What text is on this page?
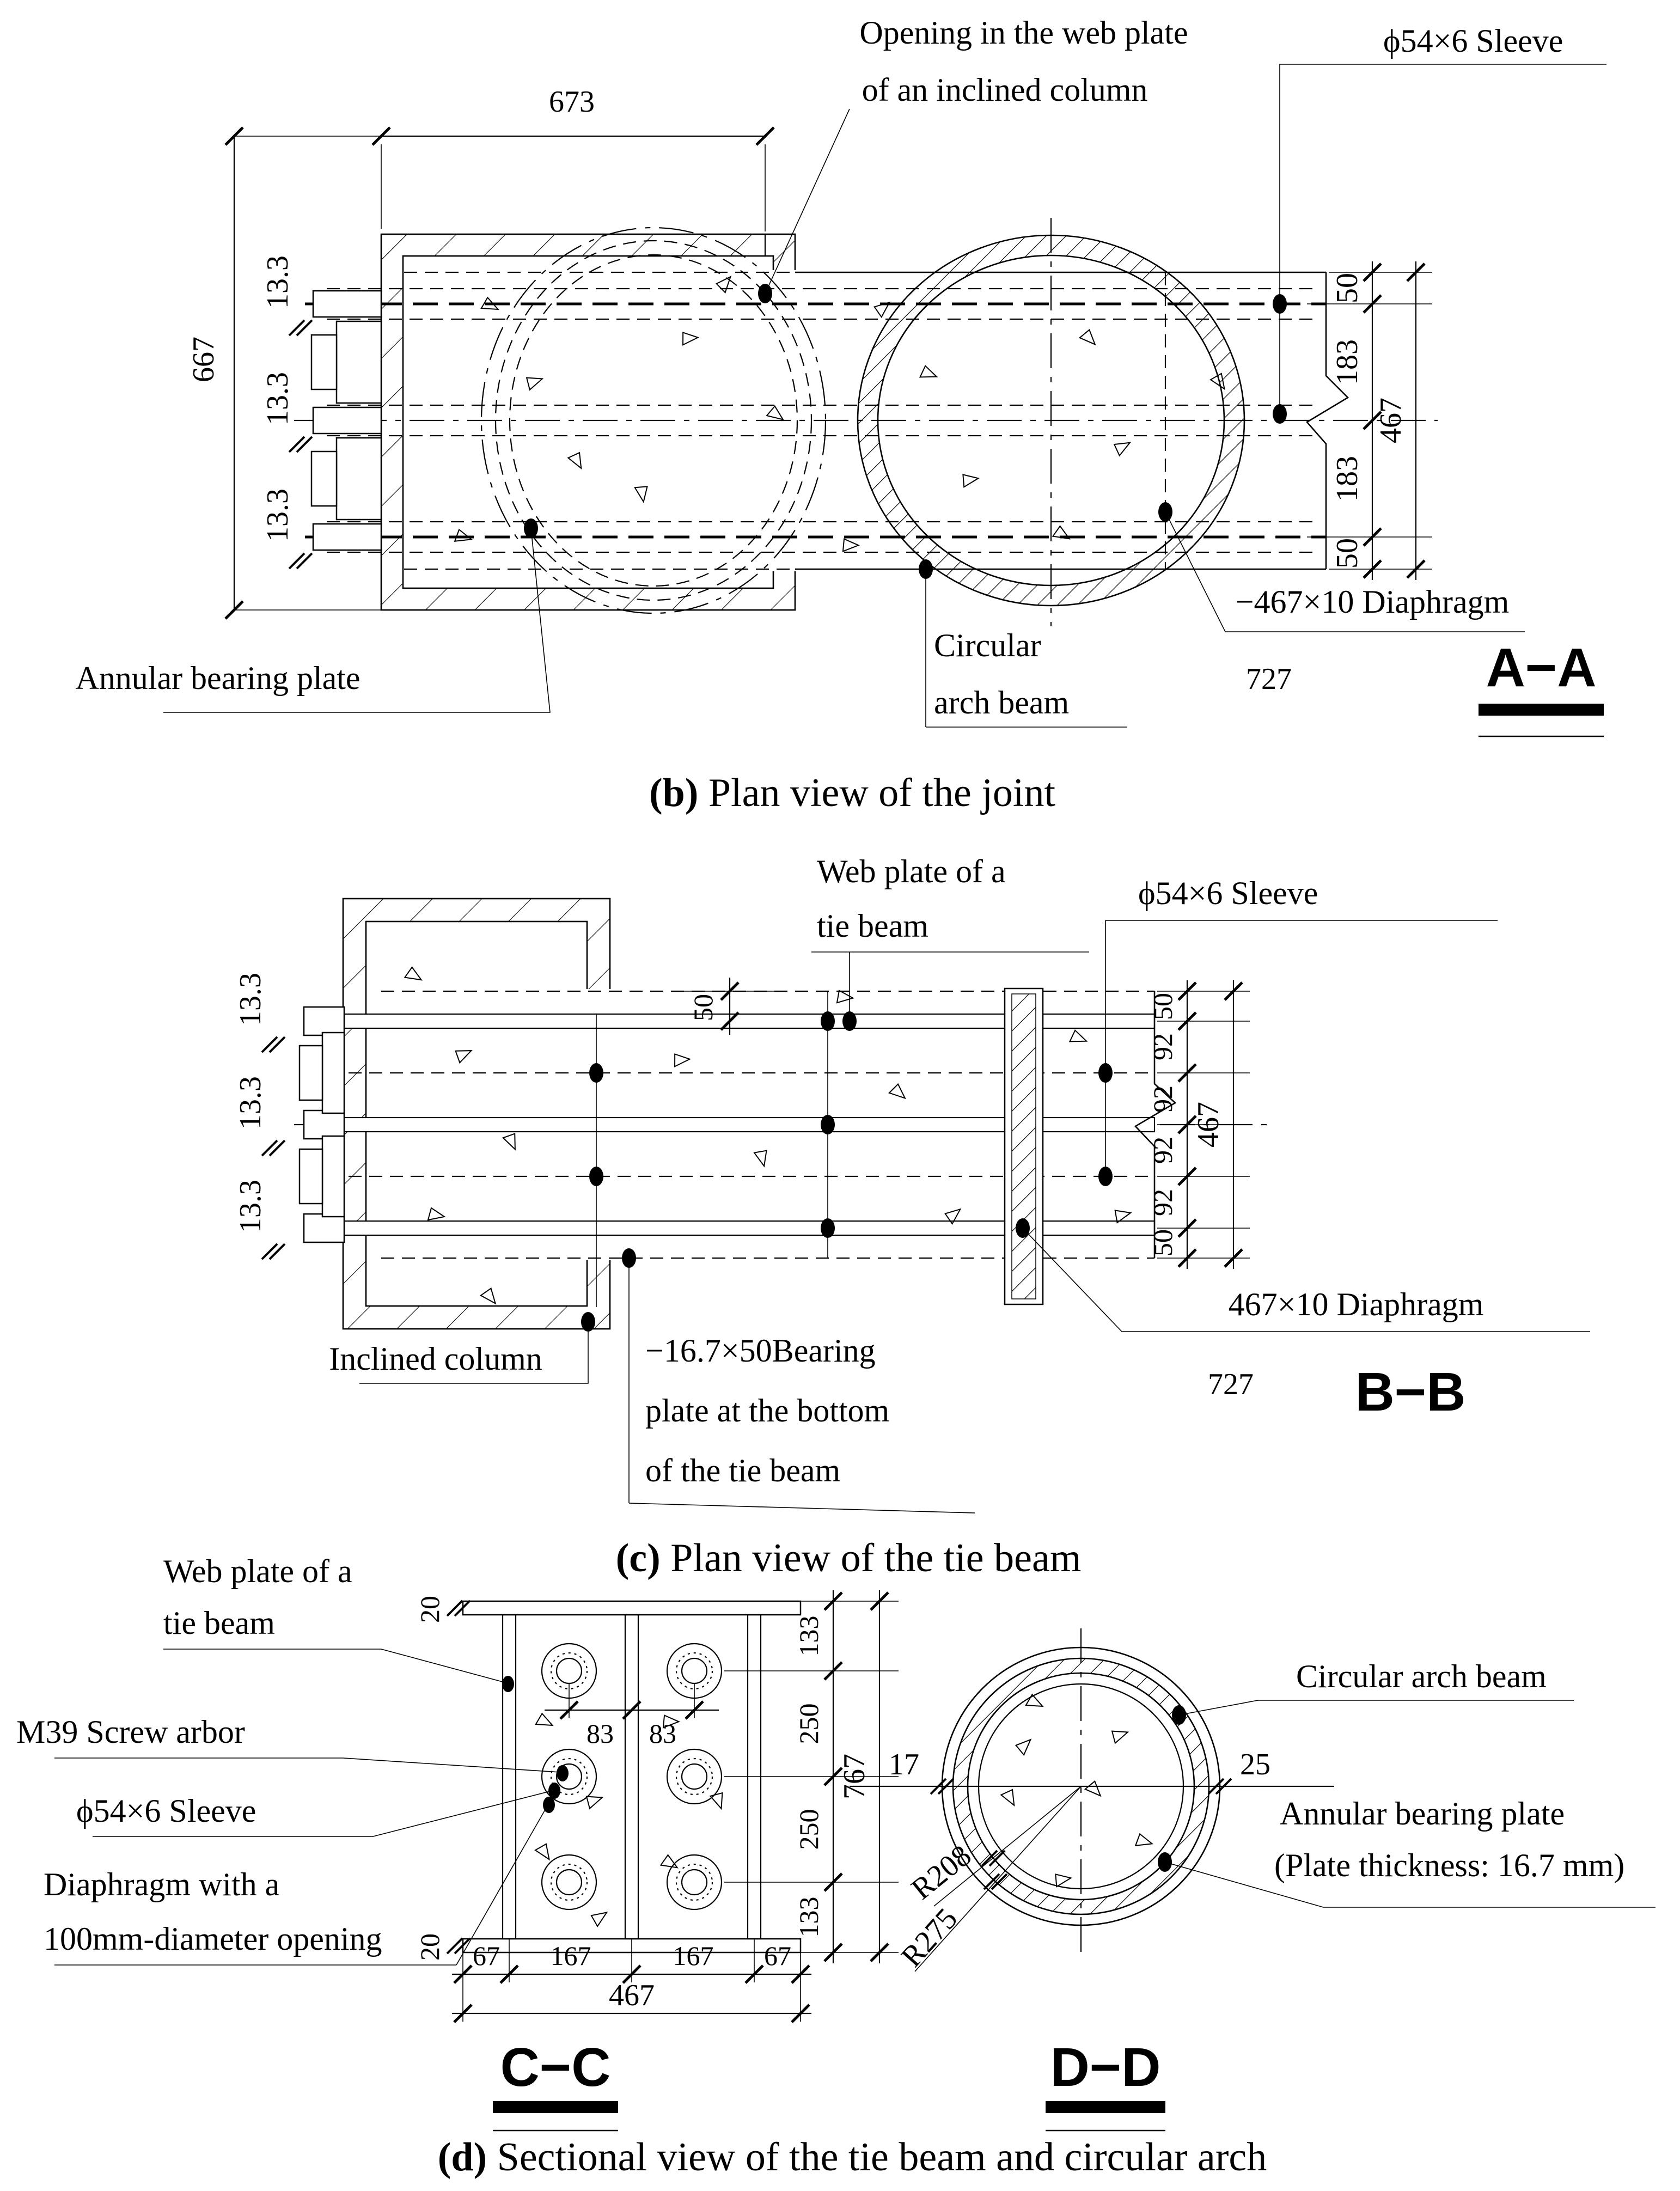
673
667
13.3
13.3
13.3
50
183
183
50
467
Opening in the web plate
of an inclined column
ϕ54×6 Sleeve
Circular
arch beam
−467×10 Diaphragm
727	A−A
Annular bearing plate
(b) Plan view of the joint
13.3
13.3
13.3
50	50
92
92
92
92
50
467
Web plate of a
tie beam
ϕ54×6 Sleeve
467×10 Diaphragm
727 B−B
Inclined column	−16.7×50Bearing
plate at the bottom
of the tie beam
(c) Plan view of the tie beam
20
20
83 83
133
250
250
133
767
67 167	167 67
467
Web plate of a
tie beam
M39 Screw arbor
ϕ54×6 Sleeve
Diaphragm with a
100mm-diameter opening
C−C
17	25
R208
R275
Circular arch beam
Annular bearing plate
(Plate thickness: 16.7 mm)
D−D
(d) Sectional view of the tie beam and circular arch
